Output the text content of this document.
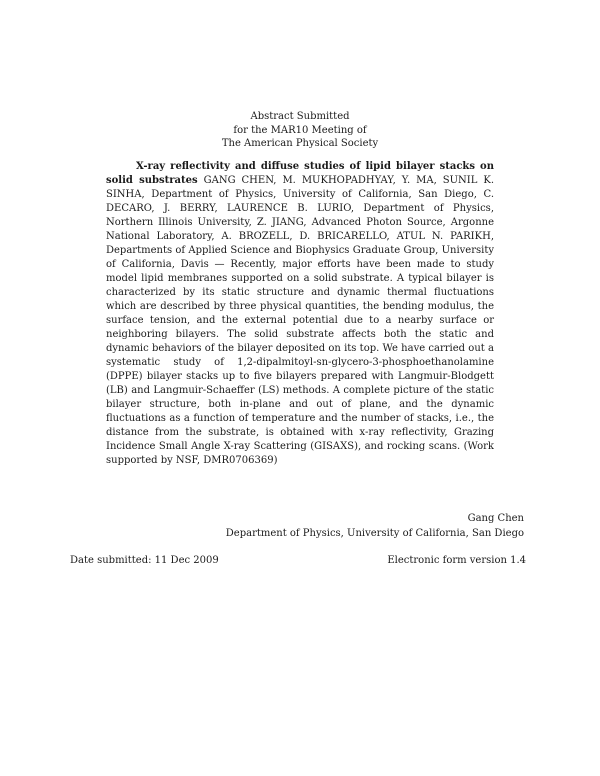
Abstract Submitted
for the MAR10 Meeting of
The American Physical Society
X-ray reflectivity and diffuse studies of lipid bilayer stacks on solid substrates GANG CHEN, M. MUKHOPADHYAY, Y. MA, SUNIL K. SINHA, Department of Physics, University of California, San Diego, C. DECARO, J. BERRY, LAURENCE B. LURIO, Department of Physics, Northern Illinois University, Z. JIANG, Advanced Photon Source, Argonne National Laboratory, A. BROZELL, D. BRICARELLO, ATUL N. PARIKH, Departments of Applied Science and Biophysics Graduate Group, University of California, Davis — Recently, major efforts have been made to study model lipid membranes supported on a solid substrate. A typical bilayer is characterized by its static structure and dynamic thermal fluctuations which are described by three physical quantities, the bending modulus, the surface tension, and the external potential due to a nearby surface or neighboring bilayers. The solid substrate affects both the static and dynamic behaviors of the bilayer deposited on its top. We have carried out a systematic study of 1,2-dipalmitoyl-sn-glycero-3-phosphoethanolamine (DPPE) bilayer stacks up to five bilayers prepared with Langmuir-Blodgett (LB) and Langmuir-Schaeffer (LS) methods. A complete picture of the static bilayer structure, both in-plane and out of plane, and the dynamic fluctuations as a function of temperature and the number of stacks, i.e., the distance from the substrate, is obtained with x-ray reflectivity, Grazing Incidence Small Angle X-ray Scattering (GISAXS), and rocking scans. (Work supported by NSF, DMR0706369)
Gang Chen
Department of Physics, University of California, San Diego
Date submitted: 11 Dec 2009	Electronic form version 1.4
